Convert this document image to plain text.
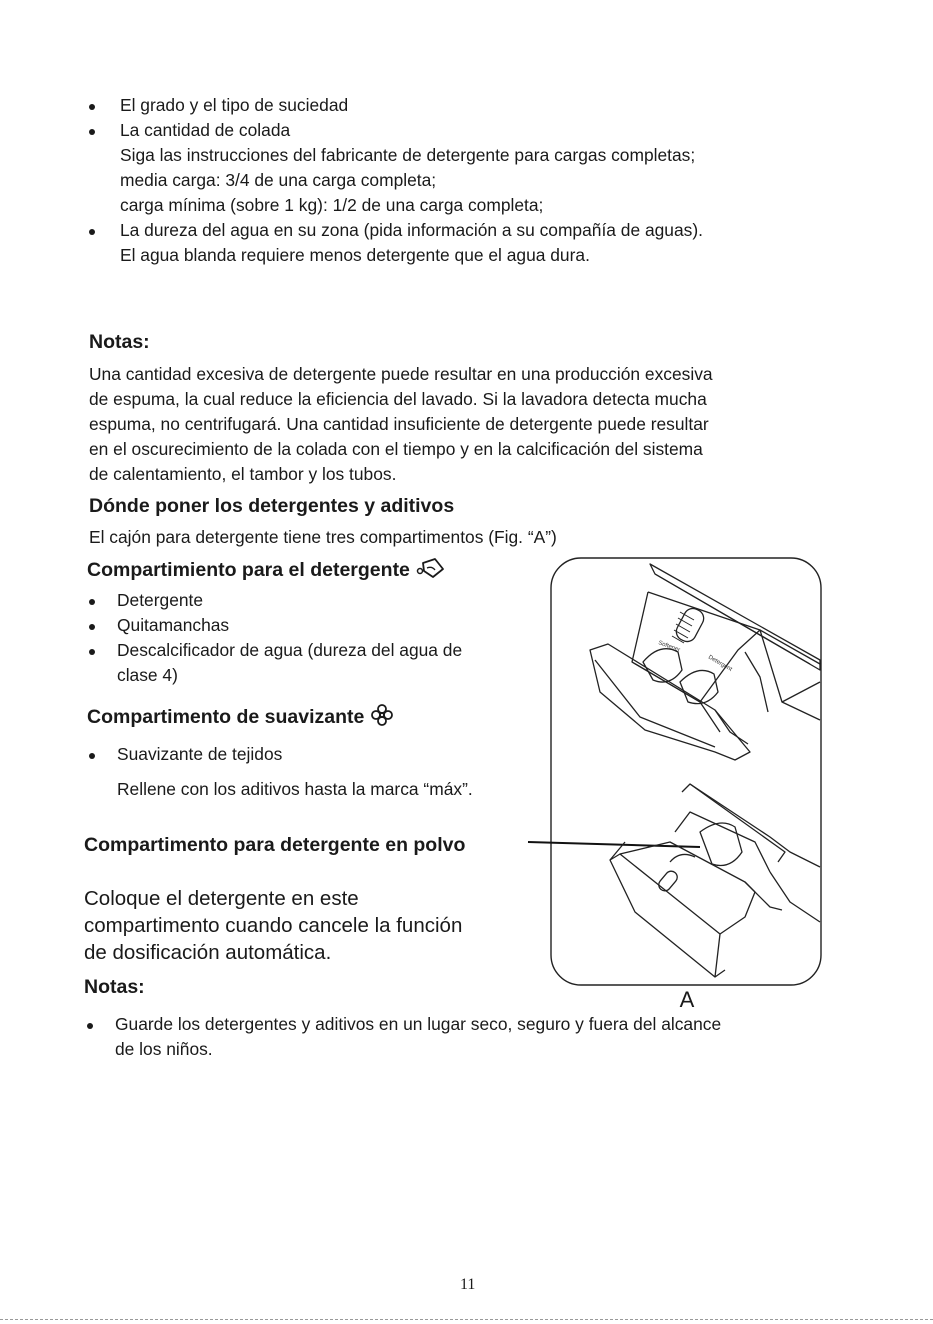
El grado y el tipo de suciedad
La cantidad de colada
Siga las instrucciones del fabricante de detergente para cargas completas;
media carga: 3/4 de una carga completa;
carga mínima (sobre 1 kg): 1/2 de una carga completa;
La dureza del agua en su zona (pida información a su compañía de aguas).
El agua blanda requiere menos detergente que el agua dura.
Notas:
Una cantidad excesiva de detergente puede resultar en una producción excesiva
de espuma, la cual reduce la eficiencia del lavado. Si la lavadora detecta mucha
espuma, no centrifugará. Una cantidad insuficiente de detergente puede resultar
en el oscurecimiento de la colada con el tiempo y en la calcificación del sistema
de calentamiento, el tambor y los tubos.
Dónde poner los detergentes y aditivos
El cajón para detergente tiene tres compartimentos (Fig. “A”)
Compartimiento para el detergente
Detergente
Quitamanchas
Descalcificador de agua (dureza del agua de
clase 4)
Compartimento de suavizante
Suavizante de tejidos
Rellene con los aditivos hasta la marca “máx”.
Compartimento para detergente en polvo
Coloque el detergente en este
compartimento cuando cancele la función
de dosificación automática.
Notas:
Guarde los detergentes y aditivos en un lugar seco, seguro y fuera del alcance
de los niños.
Softener
Detergent
A
11
